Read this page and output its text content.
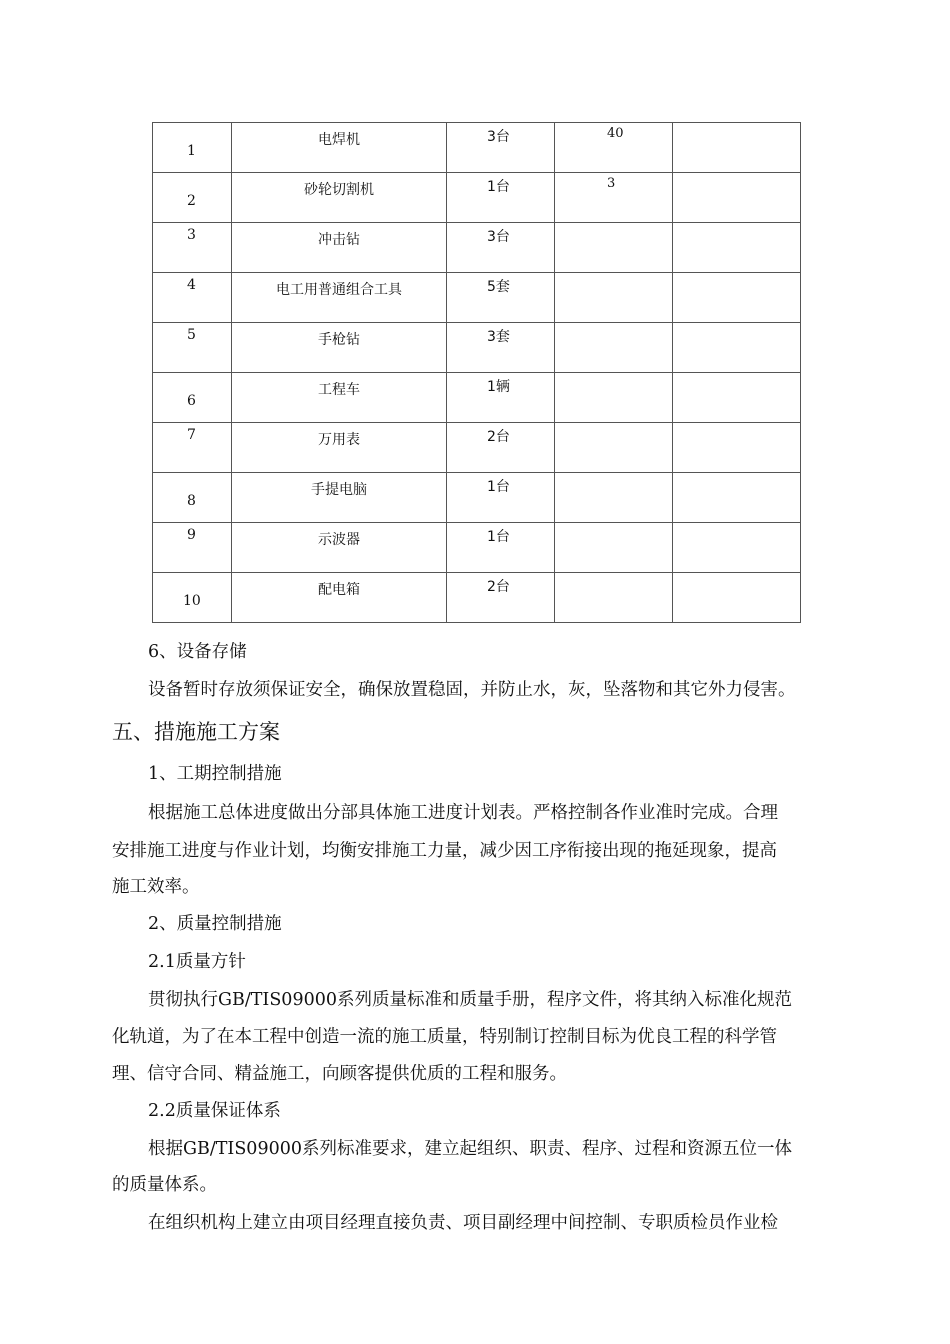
1	电焊机	3台	40	

2	砂轮切割机	1台	3	

3	冲击钻	3台		

4	电工用普通组合工具	5套		

5	手枪钻	3套		

6	工程车	1辆		

7	万用表	2台		

8	手提电脑	1台		

9	示波器	1台		

10	配电箱	2台		

6、设备存储
设备暂时存放须保证安全，确保放置稳固，并防止水，灰，坠落物和其它外力侵害。
五、措施施工方案
1、工期控制措施
根据施工总体进度做出分部具体施工进度计划表。严格控制各作业准时完成。合理
安排施工进度与作业计划，均衡安排施工力量，减少因工序衔接出现的拖延现象，提高
施工效率。
2、质量控制措施
2.1质量方针
贯彻执行GB/TIS09000系列质量标准和质量手册，程序文件，将其纳入标准化规范
化轨道，为了在本工程中创造一流的施工质量，特别制订控制目标为优良工程的科学管
理、信守合同、精益施工，向顾客提供优质的工程和服务。
2.2质量保证体系
根据GB/TIS09000系列标准要求，建立起组织、职责、程序、过程和资源五位一体
的质量体系。
在组织机构上建立由项目经理直接负责、项目副经理中间控制、专职质检员作业检
